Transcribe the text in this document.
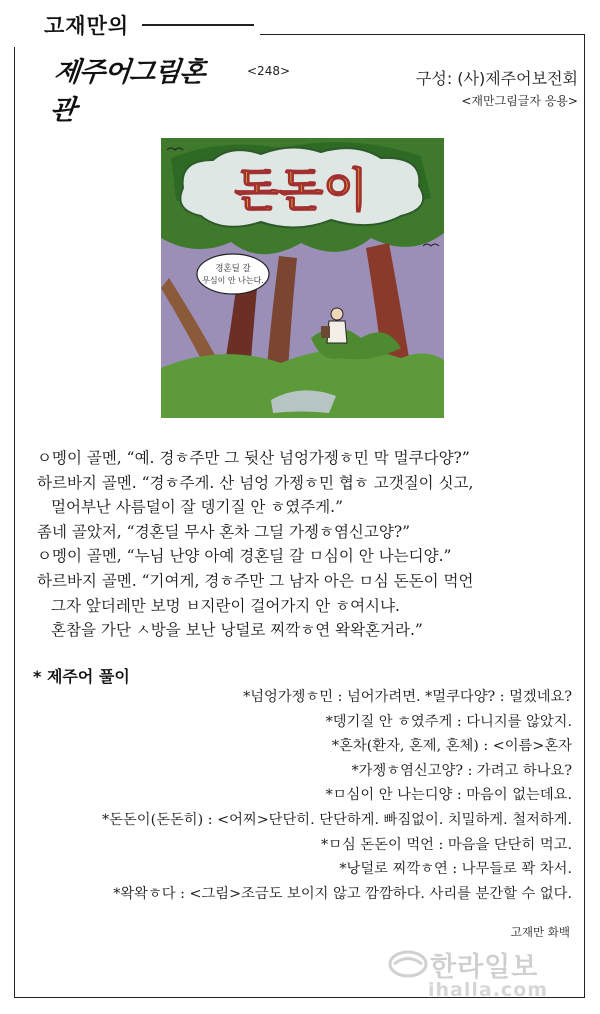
고재만의
제주어그림혼관
<248>	구성: (사)제주어보전회
<재만그림글자 응용>
돈돈이
경혼딜 갈
무심이 안 나는다.
ㅇ멩이 골멘, “예. 경ㅎ주만 그 뒷산 넘엉가젱ㅎ민 막 멀쿠다양?”
하르바지 골멘. “경ㅎ주게. 산 넘엉 가젱ㅎ민 협ㅎ 고갯질이 싯고,
멀어부난 사름덜이 잘 뎅기질 안 ㅎ였주게.”
좀네 골았저, “경혼딜 무사 혼차 그딜 가젱ㅎ염신고양?”
ㅇ멩이 골멘, “누님 난양 아예 경혼딜 갈 ㅁ심이 안 나는디양.”
하르바지 골멘. “기여게, 경ㅎ주만 그 남자 아은 ㅁ심 돈돈이 먹언
그자 앞더레만 보멍 ㅂ지란이 걸어가지 안 ㅎ여시냐.
혼참을 가단 ㅅ방을 보난 낭덜로 찌깍ㅎ연 왁왁혼거라.”
* 제주어 풀이
*넘엉가젱ㅎ민 : 넘어가려면. *멀쿠다양? : 멀겠네요?
*뎅기질 안 ㅎ였주게 : 다니지를 않았지.
*혼차(환자, 혼제, 혼체) : <이름>혼자
*가젱ㅎ염신고양? : 가려고 하나요?
*ㅁ심이 안 나는디양 : 마음이 없는데요.
*돈돈이(돈돈히) : <어찌>단단히. 단단하게. 빠짐없이. 치밀하게. 철저하게.
*ㅁ심 돈돈이 먹언 : 마음을 단단히 먹고.
*낭덜로 찌깍ㅎ연 : 나무들로 꽉 차서.
*왁왁ㅎ다 : <그림>조금도 보이지 않고 깜깜하다. 사리를 분간할 수 없다.
고재만 화백
한라일보
ihalla.com
